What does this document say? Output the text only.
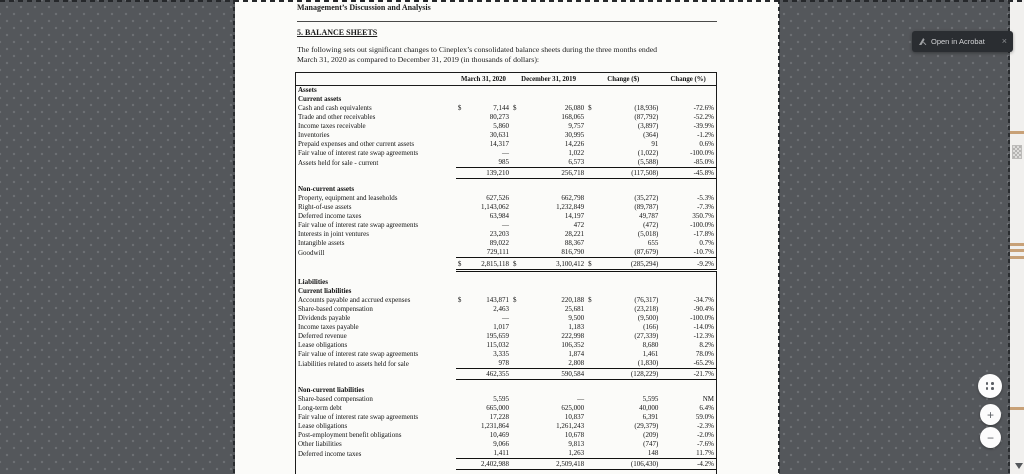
Management’s Discussion and Analysis
5. BALANCE SHEETS
The following sets out significant changes to Cineplex’s consolidated balance sheets during the three months ended
March 31, 2020 as compared to December 31, 2019 (in thousands of dollars):
	March 31, 2020	December 31, 2019	Change ($)	Change (%)
Assets				
Current assets				
Cash and cash equivalents	$ 7,144	$ 26,080	$ (18,936)	-72.6%
Trade and other receivables	80,273	168,065	(87,792)	-52.2%
Income taxes receivable	5,860	9,757	(3,897)	-39.9%
Inventories	30,631	30,995	(364)	-1.2%
Prepaid expenses and other current assets	14,317	14,226	91	0.6%
Fair value of interest rate swap agreements	—	1,022	(1,022)	-100.0%
Assets held for sale - current	985	6,573	(5,588)	-85.0%
	139,210	256,718	(117,508)	-45.8%

Non-current assets				
Property, equipment and leaseholds	627,526	662,798	(35,272)	-5.3%
Right-of-use assets	1,143,062	1,232,849	(89,787)	-7.3%
Deferred income taxes	63,984	14,197	49,787	350.7%
Fair value of interest rate swap agreements	—	472	(472)	-100.0%
Interests in joint ventures	23,203	28,221	(5,018)	-17.8%
Intangible assets	89,022	88,367	655	0.7%
Goodwill	729,111	816,790	(87,679)	-10.7%

	$ 2,815,118	$ 3,100,412	$ (285,294)	-9.2%

Liabilities				
Current liabilities				
Accounts payable and accrued expenses	$ 143,871	$ 220,188	$ (76,317)	-34.7%
Share-based compensation	2,463	25,681	(23,218)	-90.4%
Dividends payable	—	9,500	(9,500)	-100.0%
Income taxes payable	1,017	1,183	(166)	-14.0%
Deferred revenue	195,659	222,998	(27,339)	-12.3%
Lease obligations	115,032	106,352	8,680	8.2%
Fair value of interest rate swap agreements	3,335	1,874	1,461	78.0%
Liabilities related to assets held for sale	978	2,808	(1,830)	-65.2%
	462,355	590,584	(128,229)	-21.7%

Non-current liabilities				
Share-based compensation	5,595	—	5,595	NM
Long-term debt	665,000	625,000	40,000	6.4%
Fair value of interest rate swap agreements	17,228	10,837	6,391	59.0%
Lease obligations	1,231,864	1,261,243	(29,379)	-2.3%
Post-employment benefit obligations	10,469	10,678	(209)	-2.0%
Other liabilities	9,066	9,813	(747)	-7.6%
Deferred income taxes	1,411	1,263	148	11.7%
	2,402,988	2,509,418	(106,430)	-4.2%

Open in Acrobat ×
+
−
